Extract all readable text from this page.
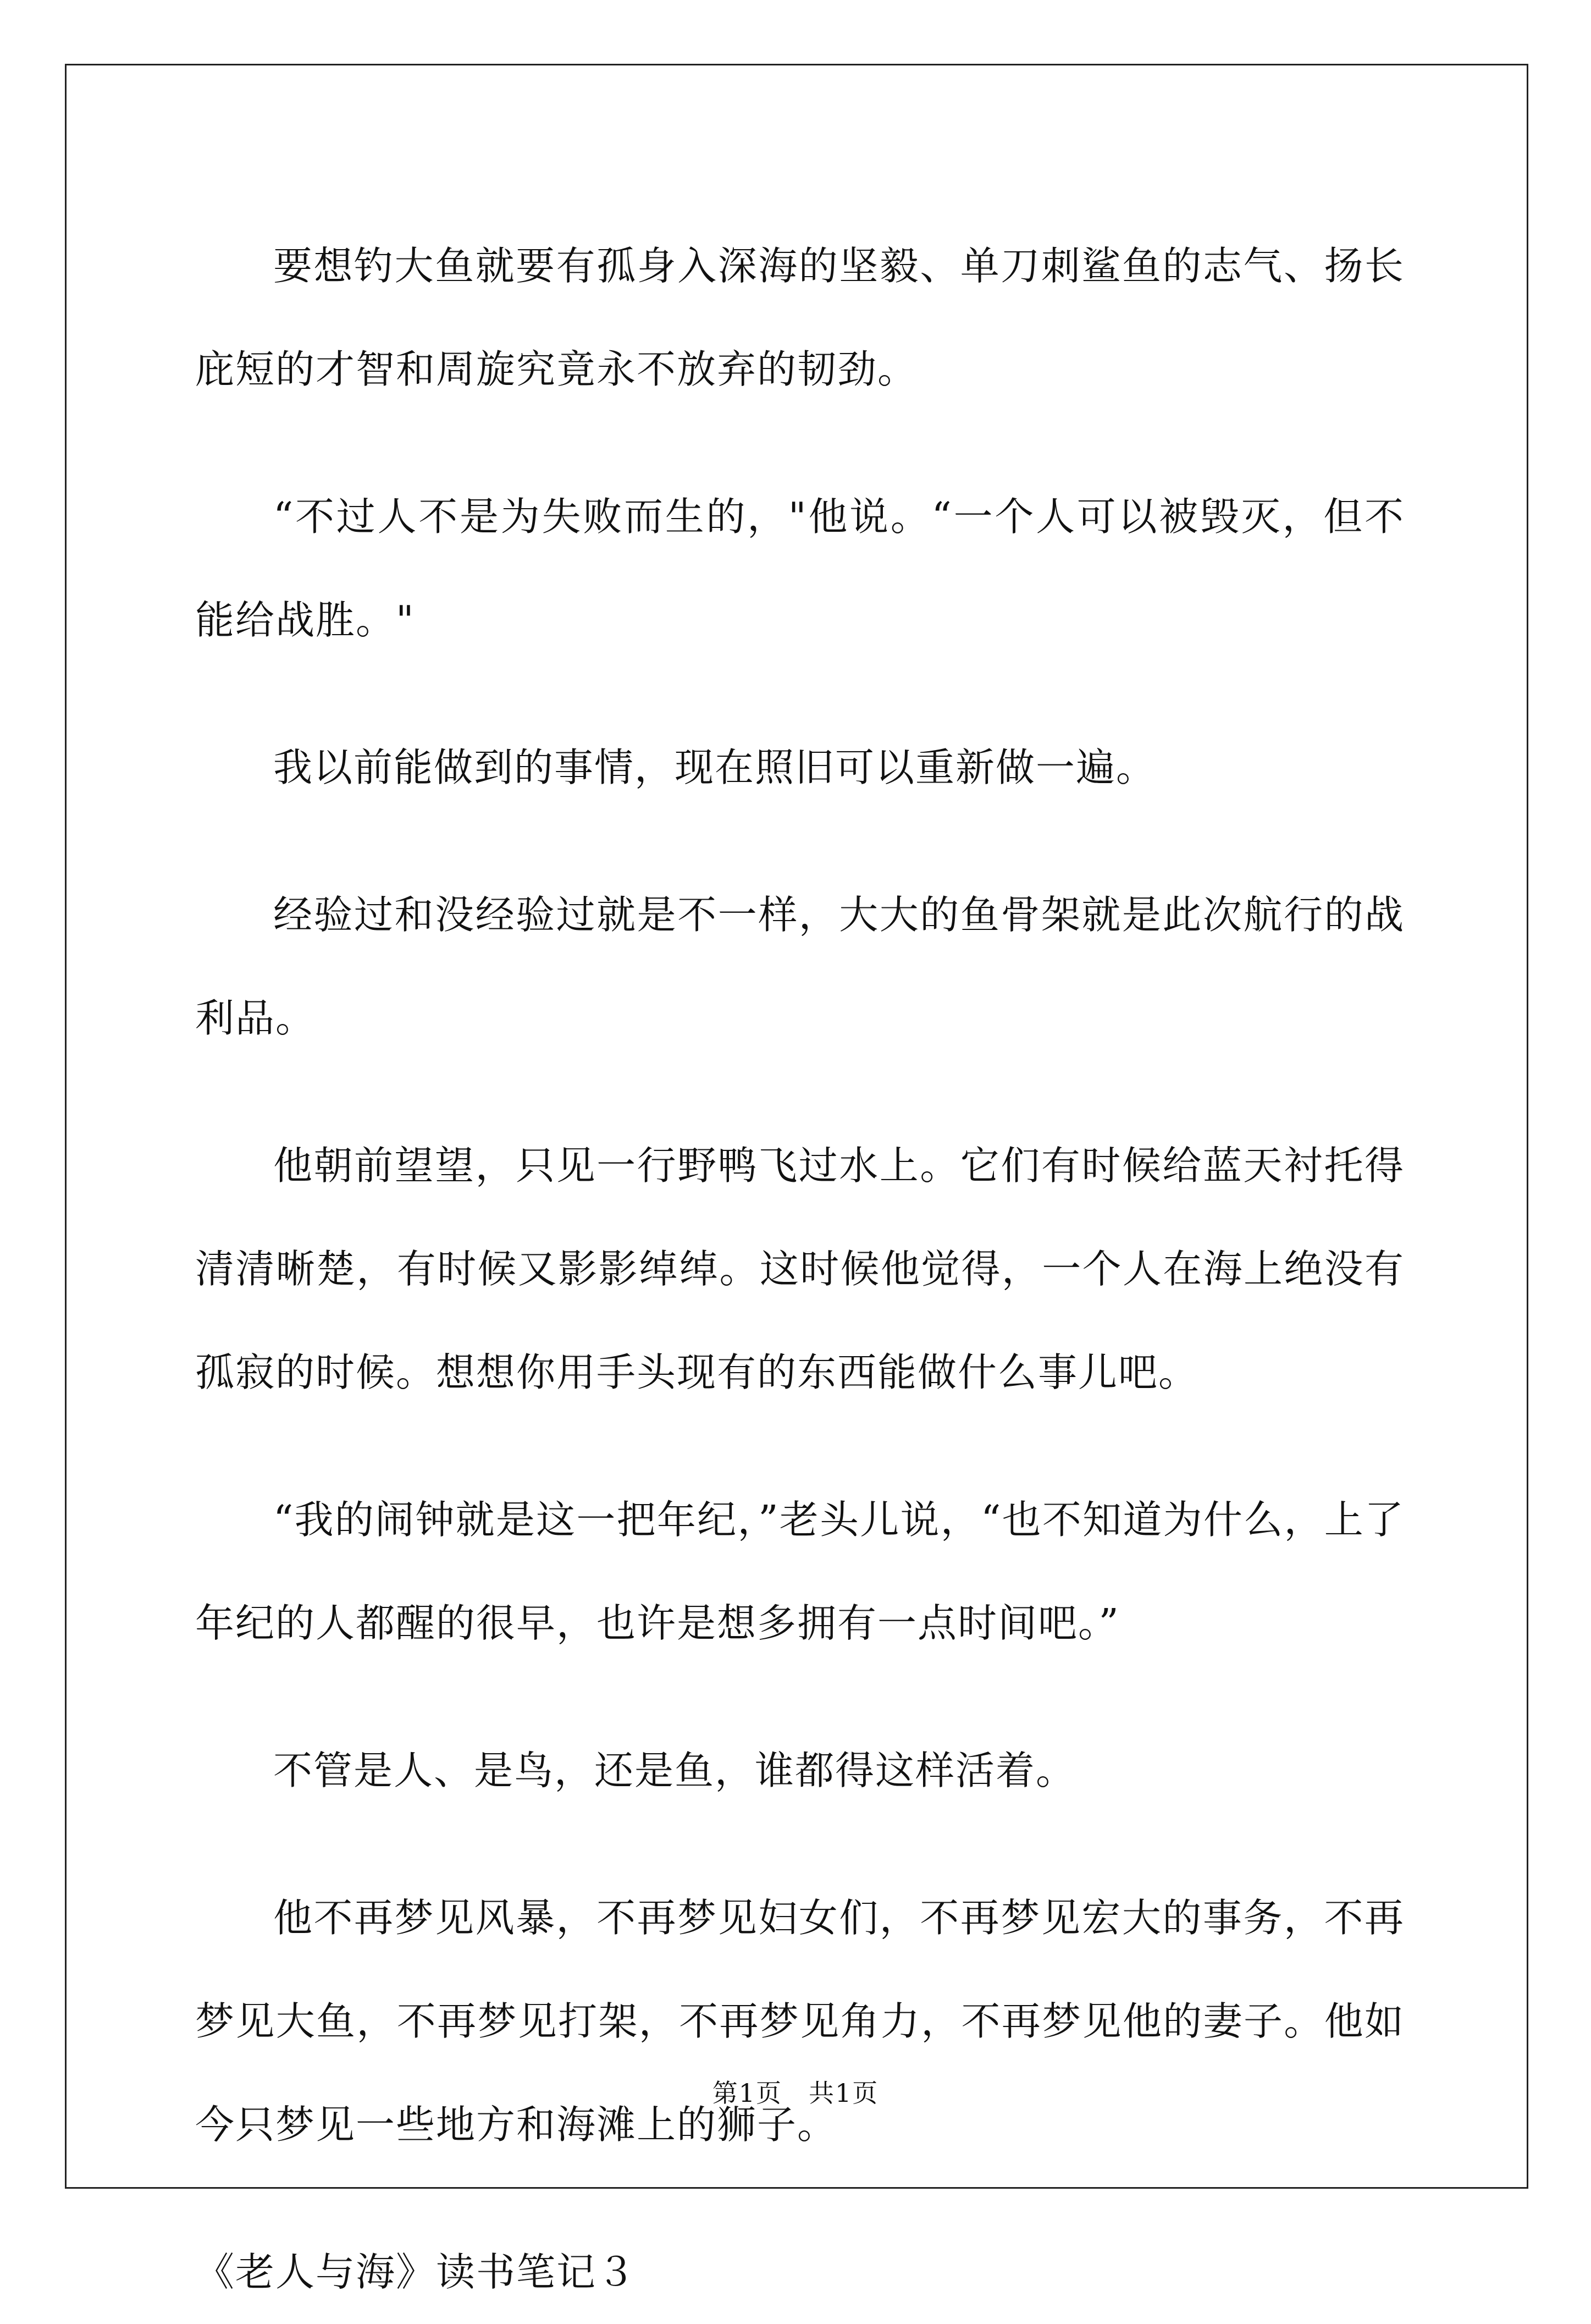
要想钓大鱼就要有孤身入深海的坚毅、单刀刺鲨鱼的志气、扬长庇短的才智和周旋究竟永不放弃的韧劲。

“不过人不是为失败而生的，"他说。“一个人可以被毁灭，但不能给战胜。"

我以前能做到的事情，现在照旧可以重新做一遍。

经验过和没经验过就是不一样，大大的鱼骨架就是此次航行的战利品。

他朝前望望，只见一行野鸭飞过水上。它们有时候给蓝天衬托得清清晰楚，有时候又影影绰绰。这时候他觉得，一个人在海上绝没有孤寂的时候。想想你用手头现有的东西能做什么事儿吧。

“我的闹钟就是这一把年纪，”老头儿说，“也不知道为什么，上了年纪的人都醒的很早，也许是想多拥有一点时间吧。”

不管是人、是鸟，还是鱼，谁都得这样活着。

他不再梦见风暴，不再梦见妇女们，不再梦见宏大的事务，不再梦见大鱼，不再梦见打架，不再梦见角力，不再梦见他的妻子。他如今只梦见一些地方和海滩上的狮子。

《老人与海》读书笔记３

第1页　共1页
